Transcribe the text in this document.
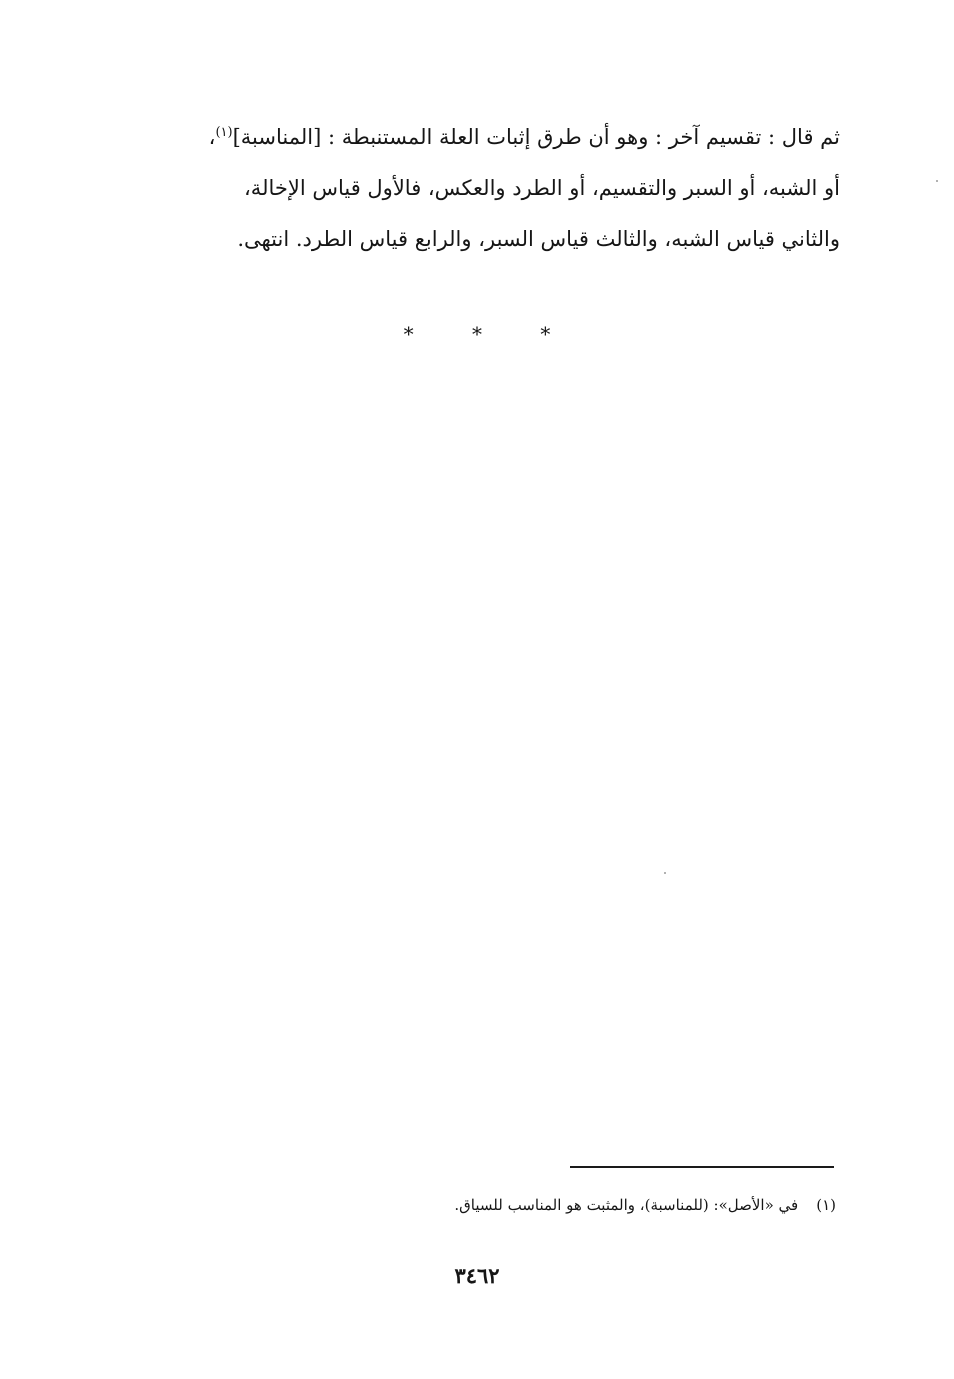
ثم قال : تقسيم آخر : وهو أن طرق إثبات العلة المستنبطة : [المناسبة]$^{(١)}$،

أو الشبه، أو السبر والتقسيم، أو الطرد والعكس، فالأول قياس الإخالة،

والثاني قياس الشبه، والثالث قياس السبر، والرابع قياس الطرد. انتهى.

* * *
(١)في «الأصل»: (للمناسبة)، والمثبت هو المناسب للسياق.
٣٤٦٢
